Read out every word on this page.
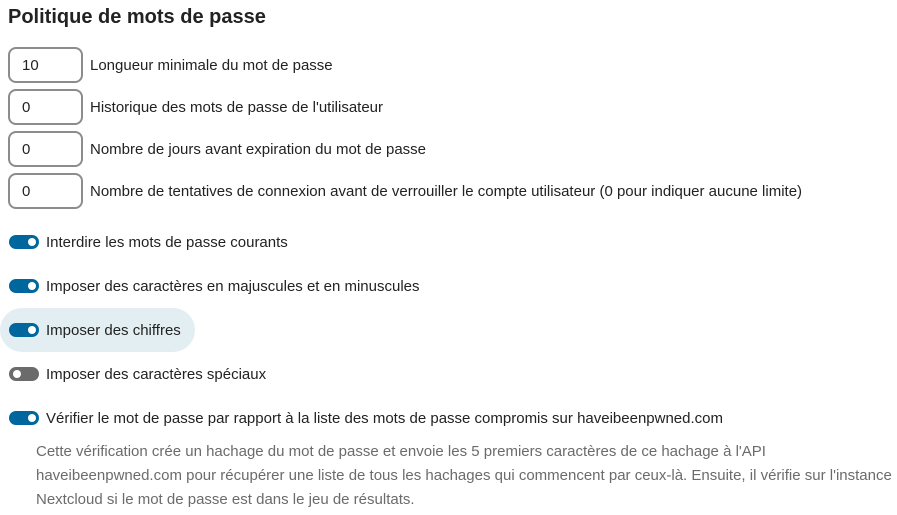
Politique de mots de passe
10
Longueur minimale du mot de passe
0
Historique des mots de passe de l'utilisateur
0
Nombre de jours avant expiration du mot de passe
0
Nombre de tentatives de connexion avant de verrouiller le compte utilisateur (0 pour indiquer aucune limite)
Interdire les mots de passe courants
Imposer des caractères en majuscules et en minuscules
Imposer des chiffres
Imposer des caractères spéciaux
Vérifier le mot de passe par rapport à la liste des mots de passe compromis sur haveibeenpwned.com

Cette vérification crée un hachage du mot de passe et envoie les 5 premiers caractères de ce hachage à l'API haveibeenpwned.com pour récupérer une liste de tous les hachages qui commencent par ceux-là. Ensuite, il vérifie sur l'instance Nextcloud si le mot de passe est dans le jeu de résultats.
